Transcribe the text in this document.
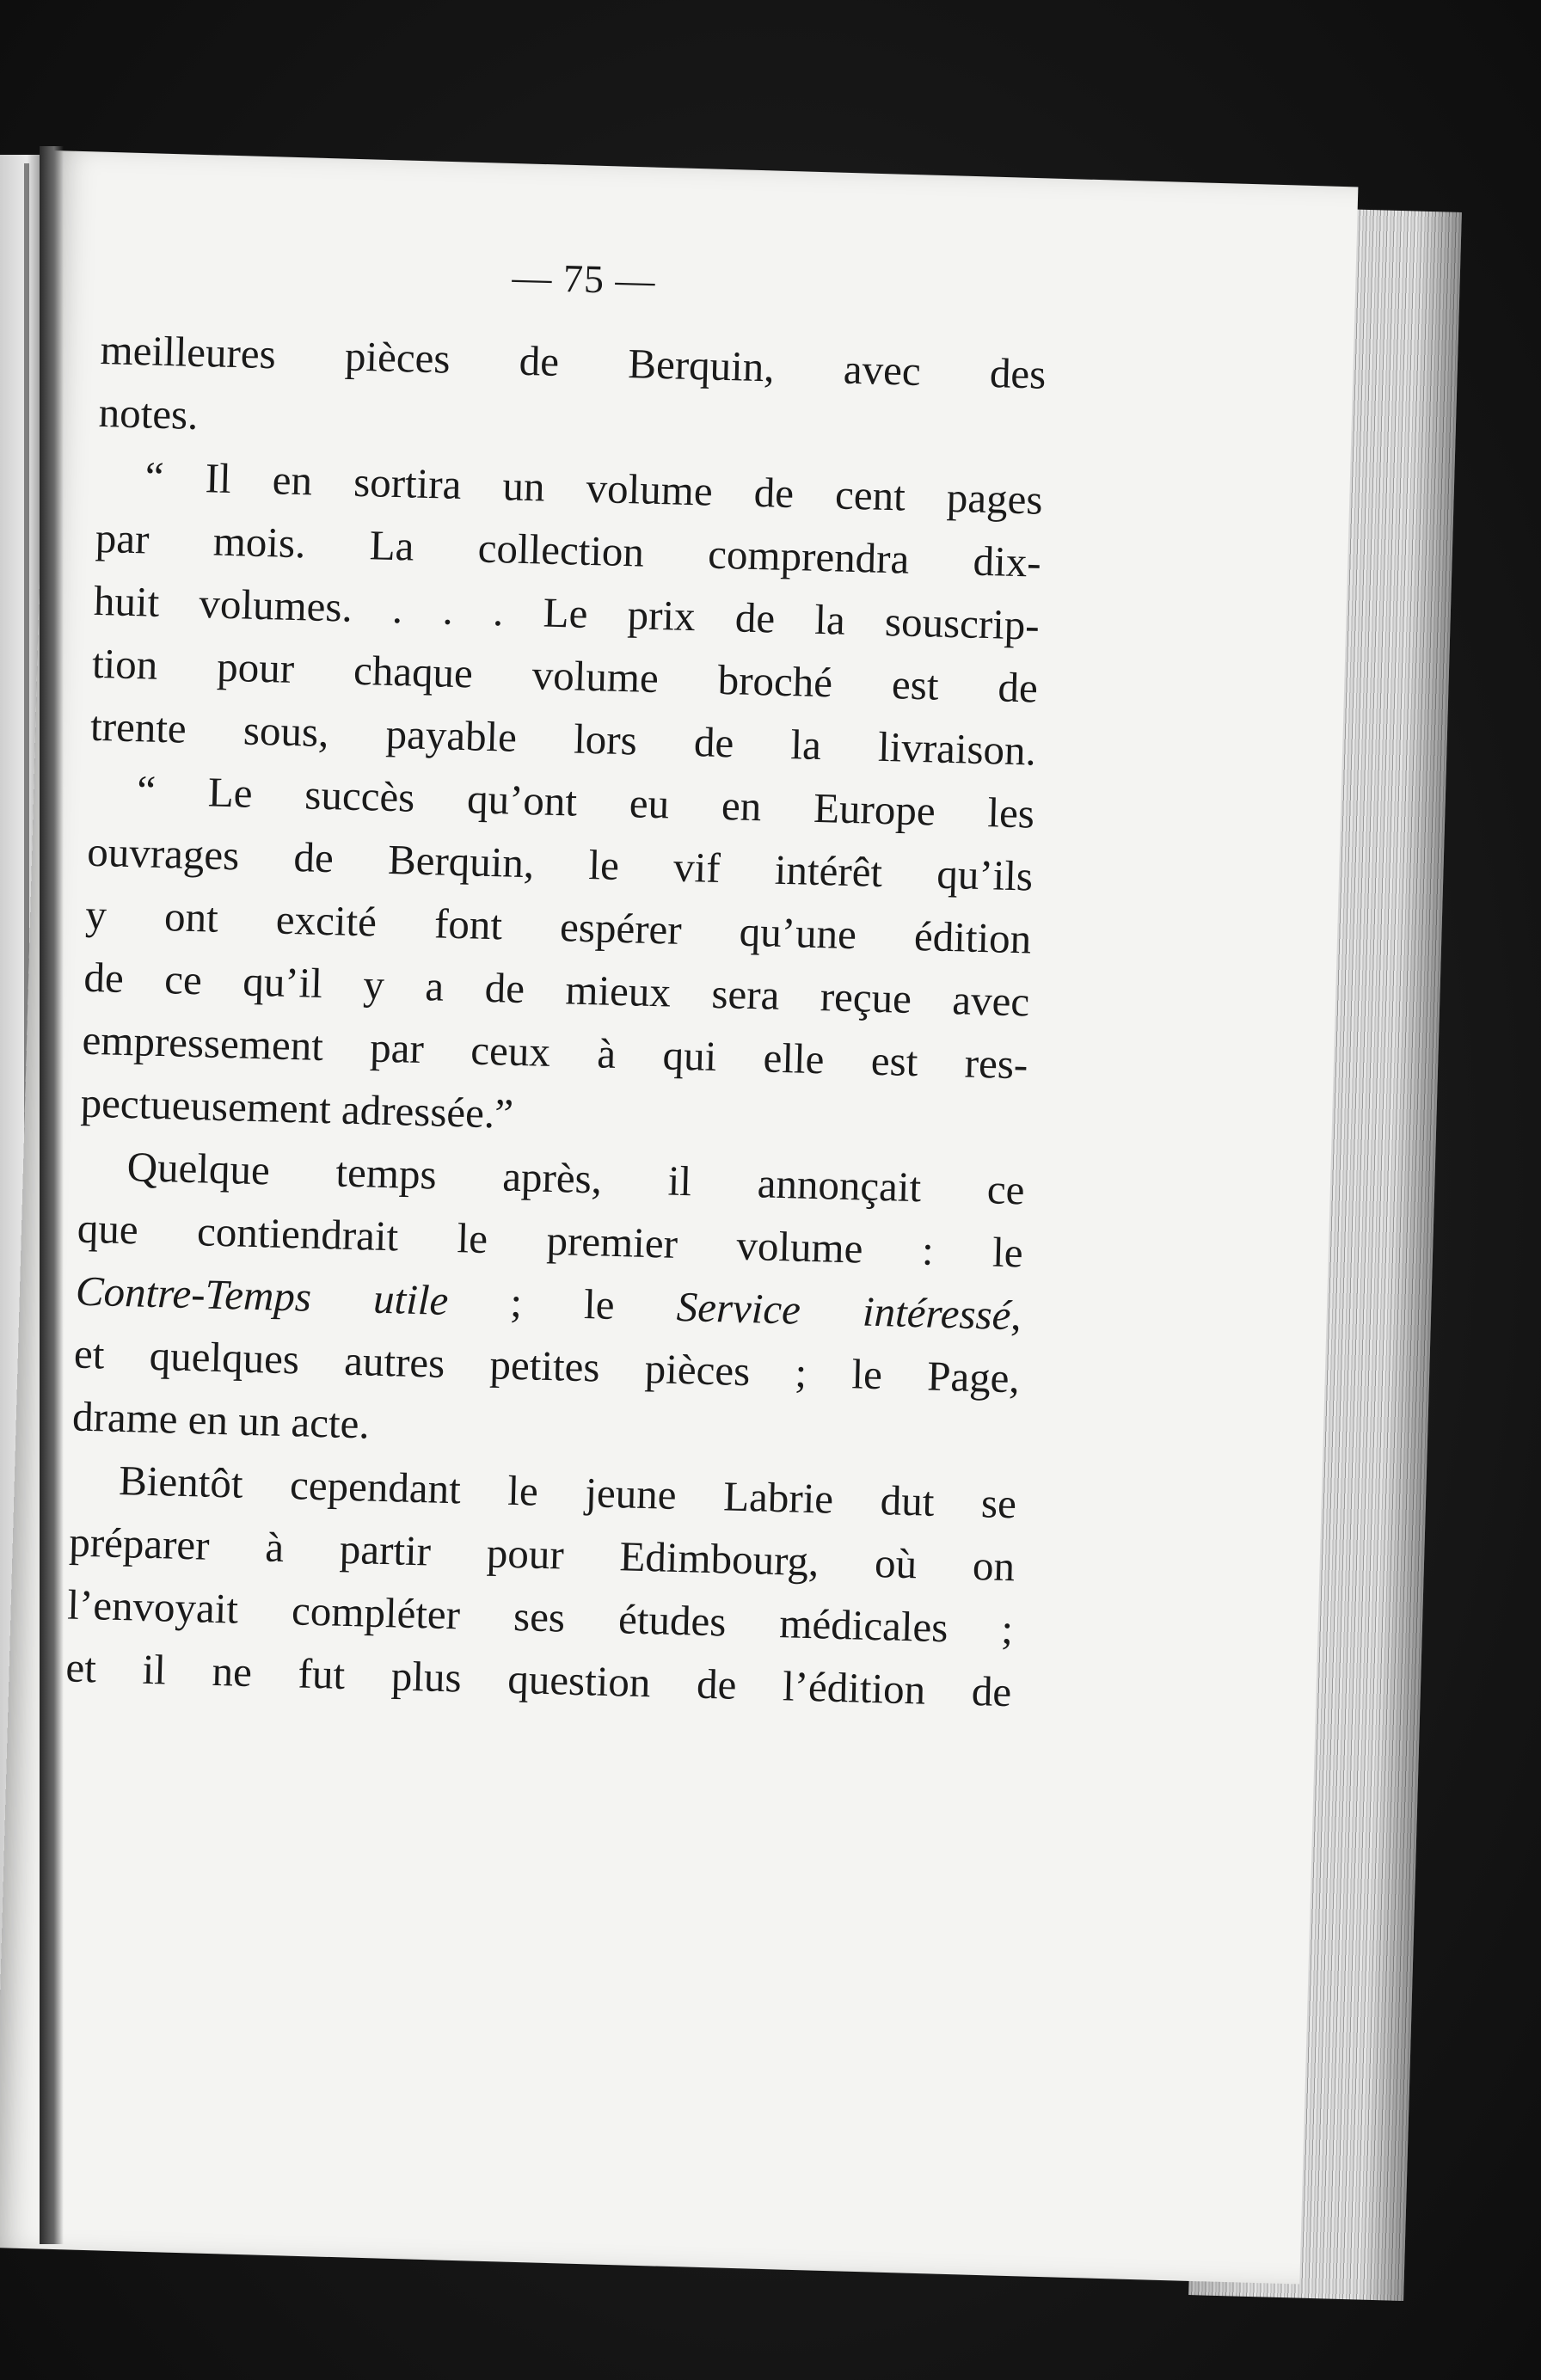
— 75 —
meilleures pièces de Berquin, avec des
notes.
“ Il en sortira un volume de cent pages
par mois. La collection comprendra dix-
huit volumes. . . . Le prix de la souscrip-
tion pour chaque volume broché est de
trente sous, payable lors de la livraison.
“ Le succès qu’ont eu en Europe les
ouvrages de Berquin, le vif intérêt qu’ils
y ont excité font espérer qu’une édition
de ce qu’il y a de mieux sera reçue avec
empressement par ceux à qui elle est res-
pectueusement adressée.”
Quelque temps après, il annonçait ce
que contiendrait le premier volume : le
Contre-Temps utile ; le Service intéressé,
et quelques autres petites pièces ; le Page,
drame en un acte.
Bientôt cependant le jeune Labrie dut se
préparer à partir pour Edimbourg, où on
l’envoyait compléter ses études médicales ;
et il ne fut plus question de l’édition de
